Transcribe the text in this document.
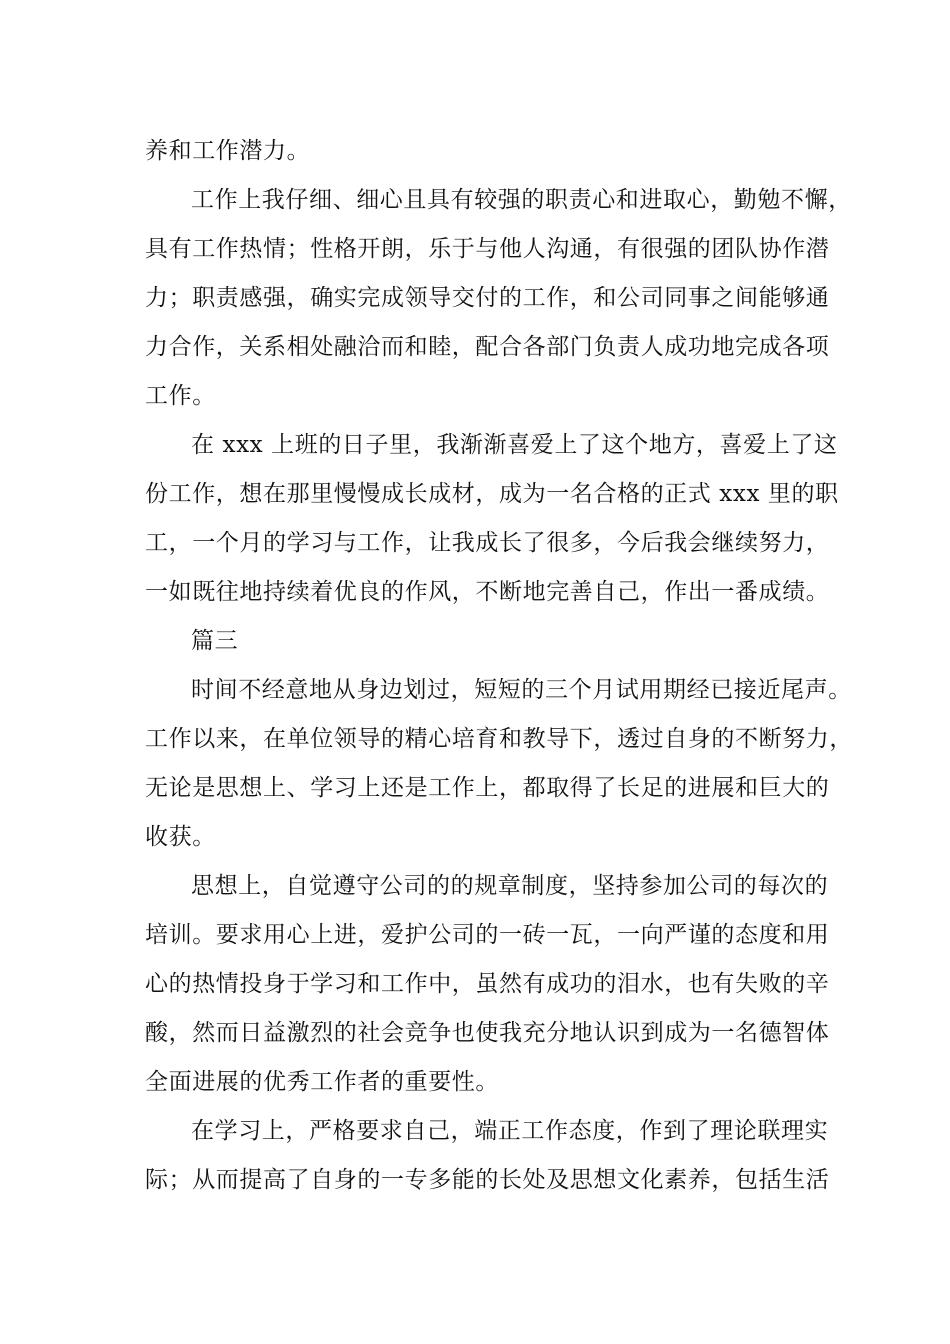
养和工作潜力。
工作上我仔细、细心且具有较强的职责心和进取心，勤勉不懈，
具有工作热情；性格开朗，乐于与他人沟通，有很强的团队协作潜
力；职责感强，确实完成领导交付的工作，和公司同事之间能够通
力合作，关系相处融洽而和睦，配合各部门负责人成功地完成各项
工作。
在 xxx 上班的日子里，我渐渐喜爱上了这个地方，喜爱上了这
份工作，想在那里慢慢成长成材，成为一名合格的正式 xxx 里的职
工，一个月的学习与工作，让我成长了很多，今后我会继续努力，
一如既往地持续着优良的作风，不断地完善自己，作出一番成绩。
篇三
时间不经意地从身边划过，短短的三个月试用期经已接近尾声。
工作以来，在单位领导的精心培育和教导下，透过自身的不断努力，
无论是思想上、学习上还是工作上，都取得了长足的进展和巨大的
收获。
思想上，自觉遵守公司的的规章制度，坚持参加公司的每次的
培训。要求用心上进，爱护公司的一砖一瓦，一向严谨的态度和用
心的热情投身于学习和工作中，虽然有成功的泪水，也有失败的辛
酸，然而日益激烈的社会竞争也使我充分地认识到成为一名德智体
全面进展的优秀工作者的重要性。
在学习上，严格要求自己，端正工作态度，作到了理论联理实
际；从而提高了自身的一专多能的长处及思想文化素养，包括生活
